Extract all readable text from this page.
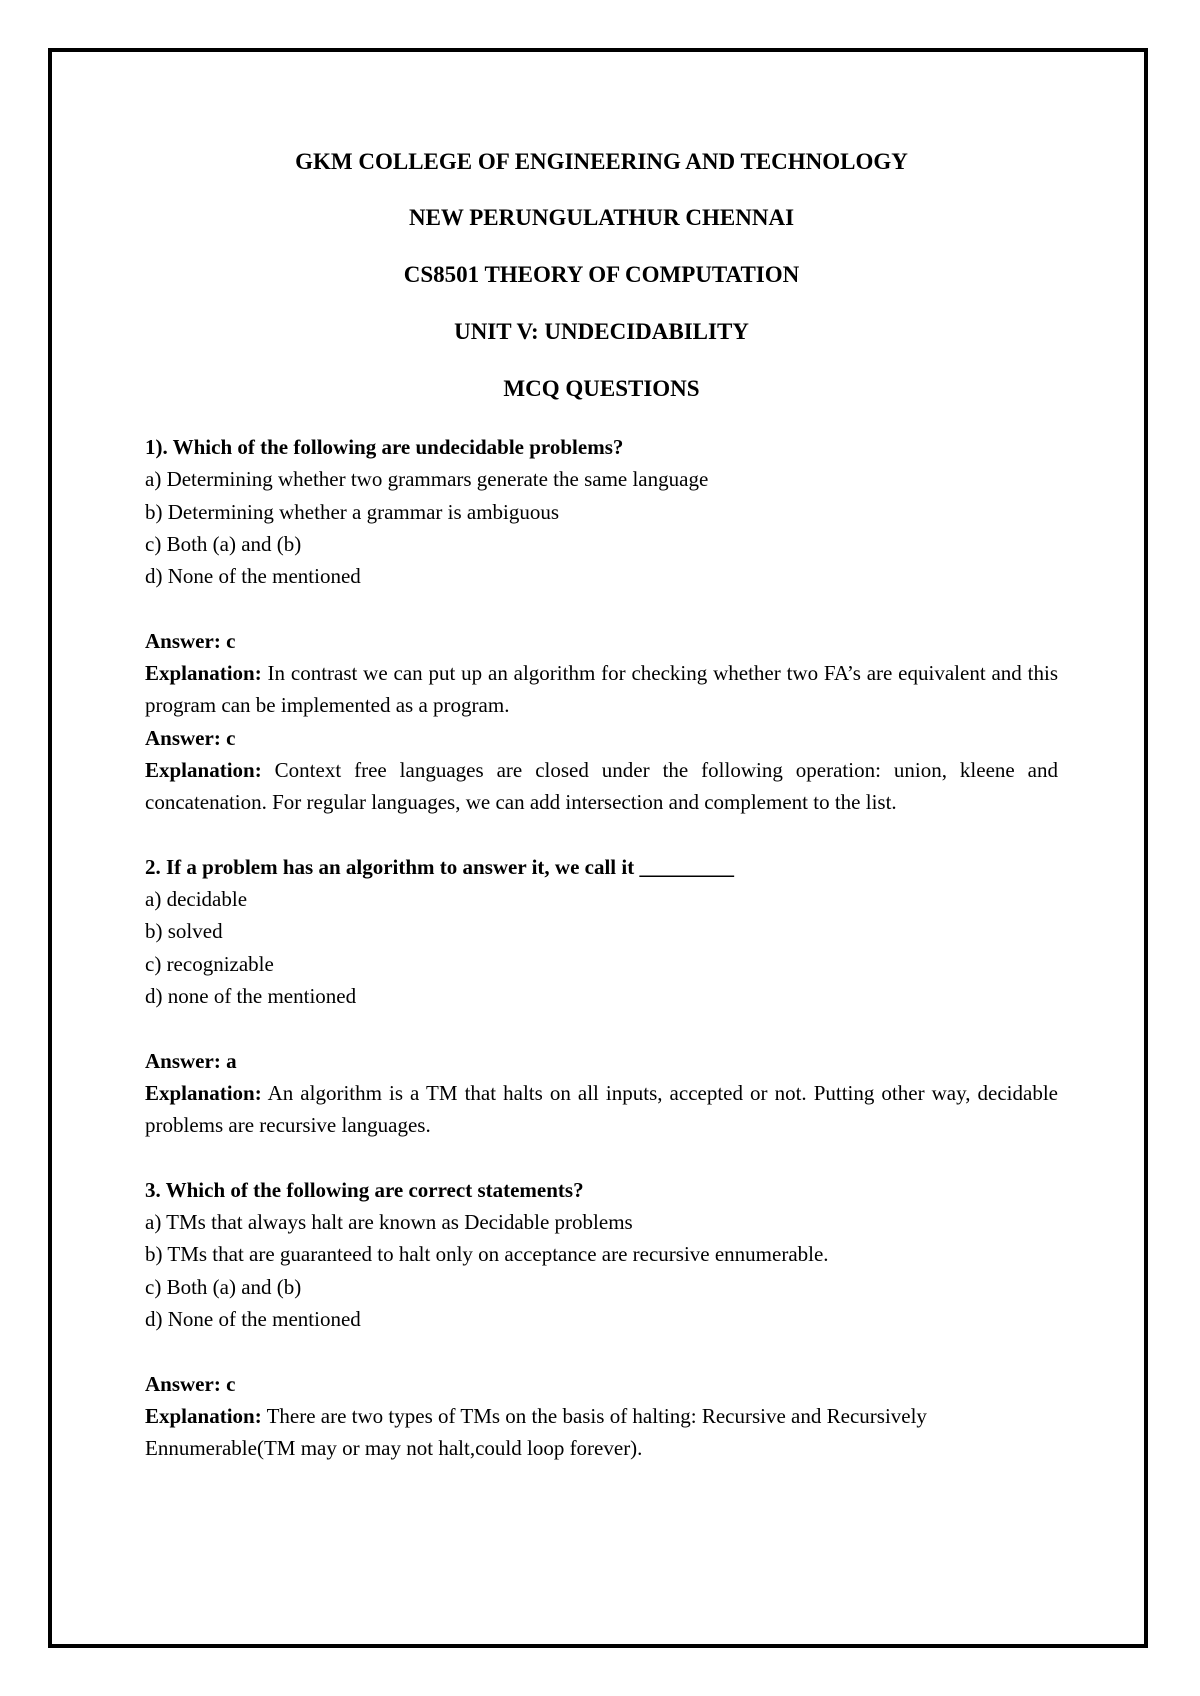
GKM COLLEGE OF ENGINEERING AND TECHNOLOGY

NEW PERUNGULATHUR CHENNAI

CS8501 THEORY OF COMPUTATION

UNIT V: UNDECIDABILITY

MCQ QUESTIONS

1). Which of the following are undecidable problems?

a) Determining whether two grammars generate the same language

b) Determining whether a grammar is ambiguous

c) Both (a) and (b)

d) None of the mentioned

Answer: c

Explanation: In contrast we can put up an algorithm for checking whether two FA’s are equivalent and this program can be implemented as a program.

Answer: c

Explanation: Context free languages are closed under the following operation: union, kleene and concatenation. For regular languages, we can add intersection and complement to the list.

2. If a problem has an algorithm to answer it, we call it _________

a) decidable

b) solved

c) recognizable

d) none of the mentioned

Answer: a

Explanation: An algorithm is a TM that halts on all inputs, accepted or not. Putting other way, decidable problems are recursive languages.

3. Which of the following are correct statements?

a) TMs that always halt are known as Decidable problems

b) TMs that are guaranteed to halt only on acceptance are recursive ennumerable.

c) Both (a) and (b)

d) None of the mentioned

Answer: c

Explanation: There are two types of TMs on the basis of halting: Recursive and Recursively Ennumerable(TM may or may not halt,could loop forever).
